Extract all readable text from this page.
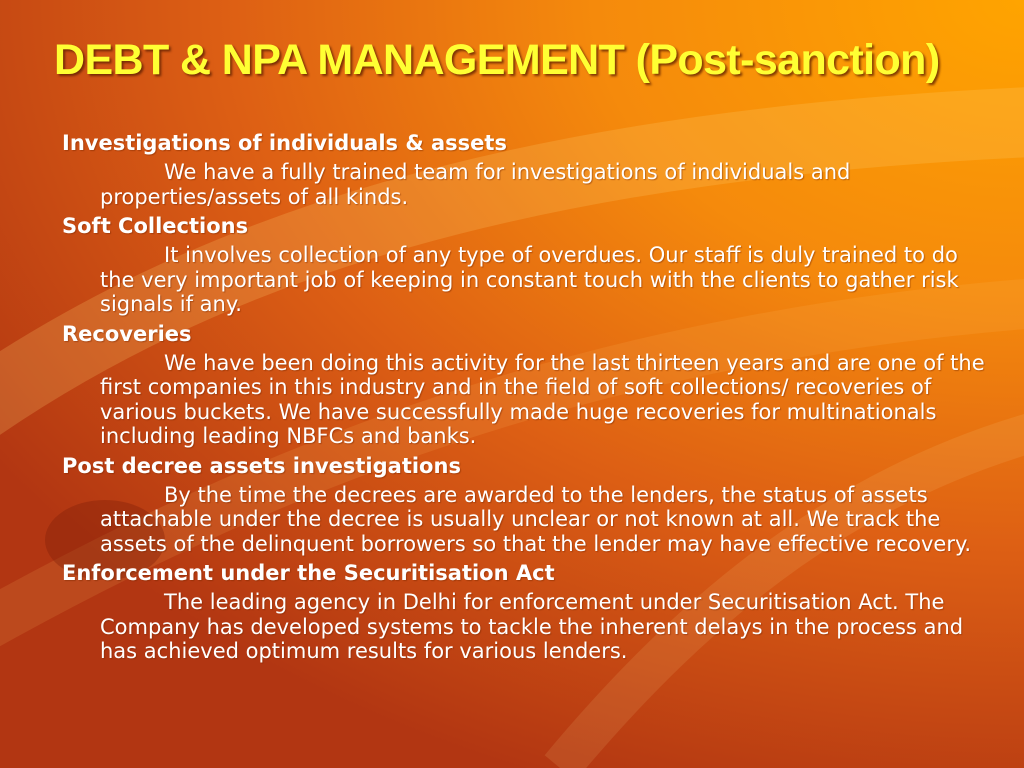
DEBT & NPA MANAGEMENT (Post-sanction)
Investigations of individuals & assets
We have a fully trained team for investigations of individuals and properties/assets of all kinds.
Soft Collections
It involves collection of any type of overdues. Our staff is duly trained to do the very important job of keeping in constant touch with the clients to gather risk signals if any.
Recoveries
We have been doing this activity for the last thirteen years and are one of the first companies in this industry and in the field of soft collections/ recoveries of various buckets. We have successfully made huge recoveries for multinationals including leading NBFCs and banks.
Post decree assets investigations
By the time the decrees are awarded to the lenders, the status of assets attachable under the decree is usually unclear or not known at all. We track the assets of the delinquent borrowers so that the lender may have effective recovery.
Enforcement under the Securitisation Act
The leading agency in Delhi for enforcement under Securitisation Act. The Company has developed systems to tackle the inherent delays in the process and has achieved optimum results for various lenders.
